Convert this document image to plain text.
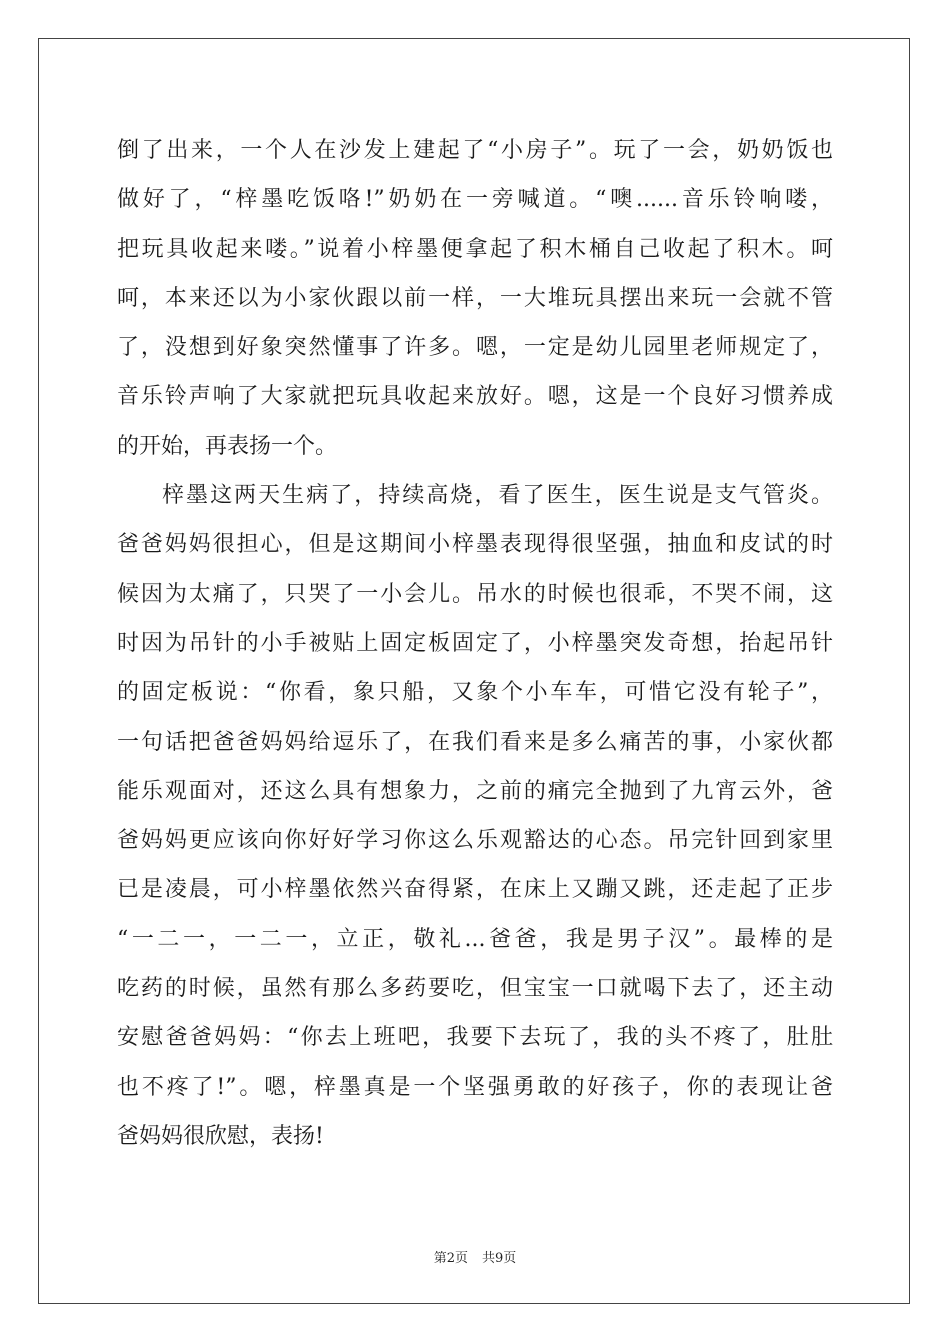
倒了出来，一个人在沙发上建起了“小房子”。玩了一会，奶奶饭也
做好了，“梓墨吃饭咯!”奶奶在一旁喊道。“噢......音乐铃响喽，
把玩具收起来喽。”说着小梓墨便拿起了积木桶自己收起了积木。呵
呵，本来还以为小家伙跟以前一样，一大堆玩具摆出来玩一会就不管
了，没想到好象突然懂事了许多。嗯，一定是幼儿园里老师规定了，
音乐铃声响了大家就把玩具收起来放好。嗯，这是一个良好习惯养成
的开始，再表扬一个。
梓墨这两天生病了，持续高烧，看了医生，医生说是支气管炎。
爸爸妈妈很担心，但是这期间小梓墨表现得很坚强，抽血和皮试的时
候因为太痛了，只哭了一小会儿。吊水的时候也很乖，不哭不闹，这
时因为吊针的小手被贴上固定板固定了，小梓墨突发奇想，抬起吊针
的固定板说：“你看，象只船，又象个小车车，可惜它没有轮子”，
一句话把爸爸妈妈给逗乐了，在我们看来是多么痛苦的事，小家伙都
能乐观面对，还这么具有想象力，之前的痛完全抛到了九宵云外，爸
爸妈妈更应该向你好好学习你这么乐观豁达的心态。吊完针回到家里
已是凌晨，可小梓墨依然兴奋得紧，在床上又蹦又跳，还走起了正步
“一二一，一二一，立正，敬礼...爸爸，我是男子汉”。最棒的是
吃药的时候，虽然有那么多药要吃，但宝宝一口就喝下去了，还主动
安慰爸爸妈妈：“你去上班吧，我要下去玩了，我的头不疼了，肚肚
也不疼了!”。嗯，梓墨真是一个坚强勇敢的好孩子，你的表现让爸
爸妈妈很欣慰，表扬!
第2页 共9页
